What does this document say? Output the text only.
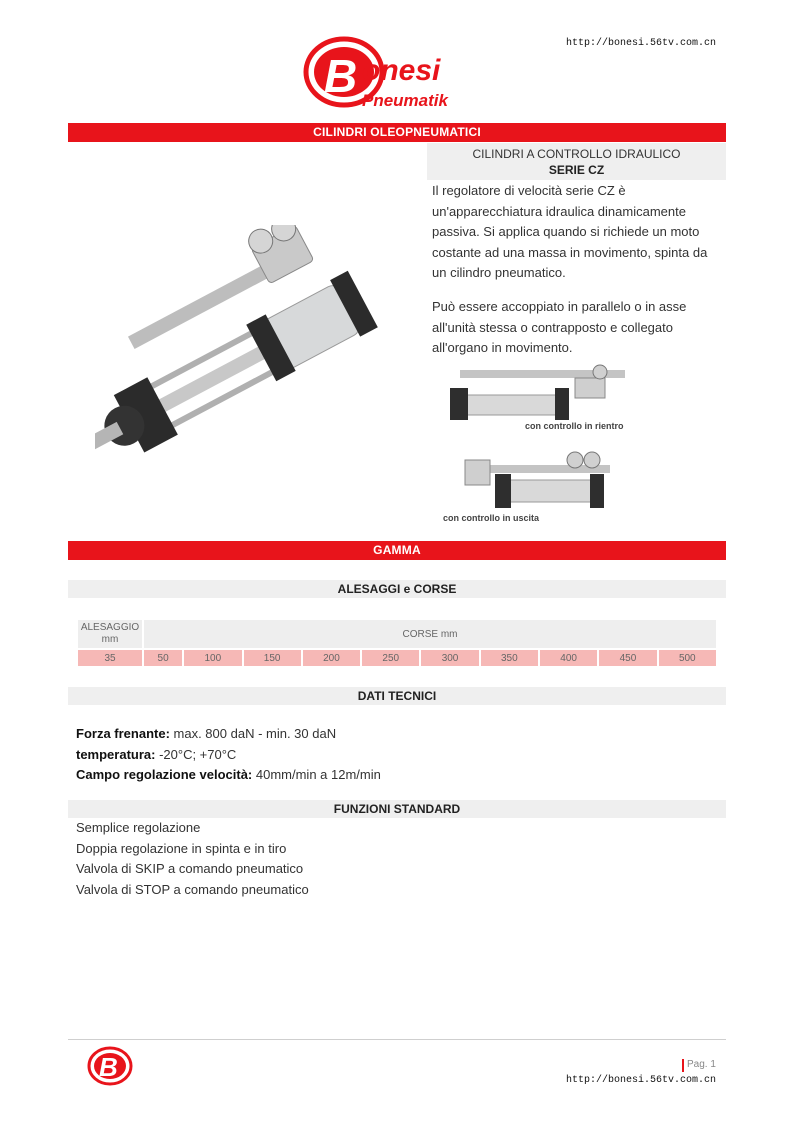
http://bonesi.56tv.com.cn
B onesi
Pneumatik
CILINDRI OLEOPNEUMATICI
CILINDRI A CONTROLLO IDRAULICO
SERIE CZ
Il regolatore di velocità serie CZ è un'apparecchiatura idraulica dinamicamente passiva. Si applica quando si richiede un moto costante ad una massa in movimento, spinta da un cilindro pneumatico.
Può essere accoppiato in parallelo o in asse all'unità stessa o contrapposto e collegato all'organo in movimento.
con controllo in rientro
con controllo in uscita
GAMMA
ALESAGGI e CORSE
ALESAGGIO mm	CORSE mm									
35	50	100	150	200	250	300	350	400	450	500
DATI TECNICI
Forza frenante: max. 800 daN - min. 30 daN
temperatura: -20°C; +70°C
Campo regolazione velocità: 40mm/min a 12m/min
FUNZIONI STANDARD
Semplice regolazione
Doppia regolazione in spinta e in tiro
Valvola di SKIP a comando pneumatico
Valvola di STOP a comando pneumatico
B	Pag. 1
http://bonesi.56tv.com.cn
